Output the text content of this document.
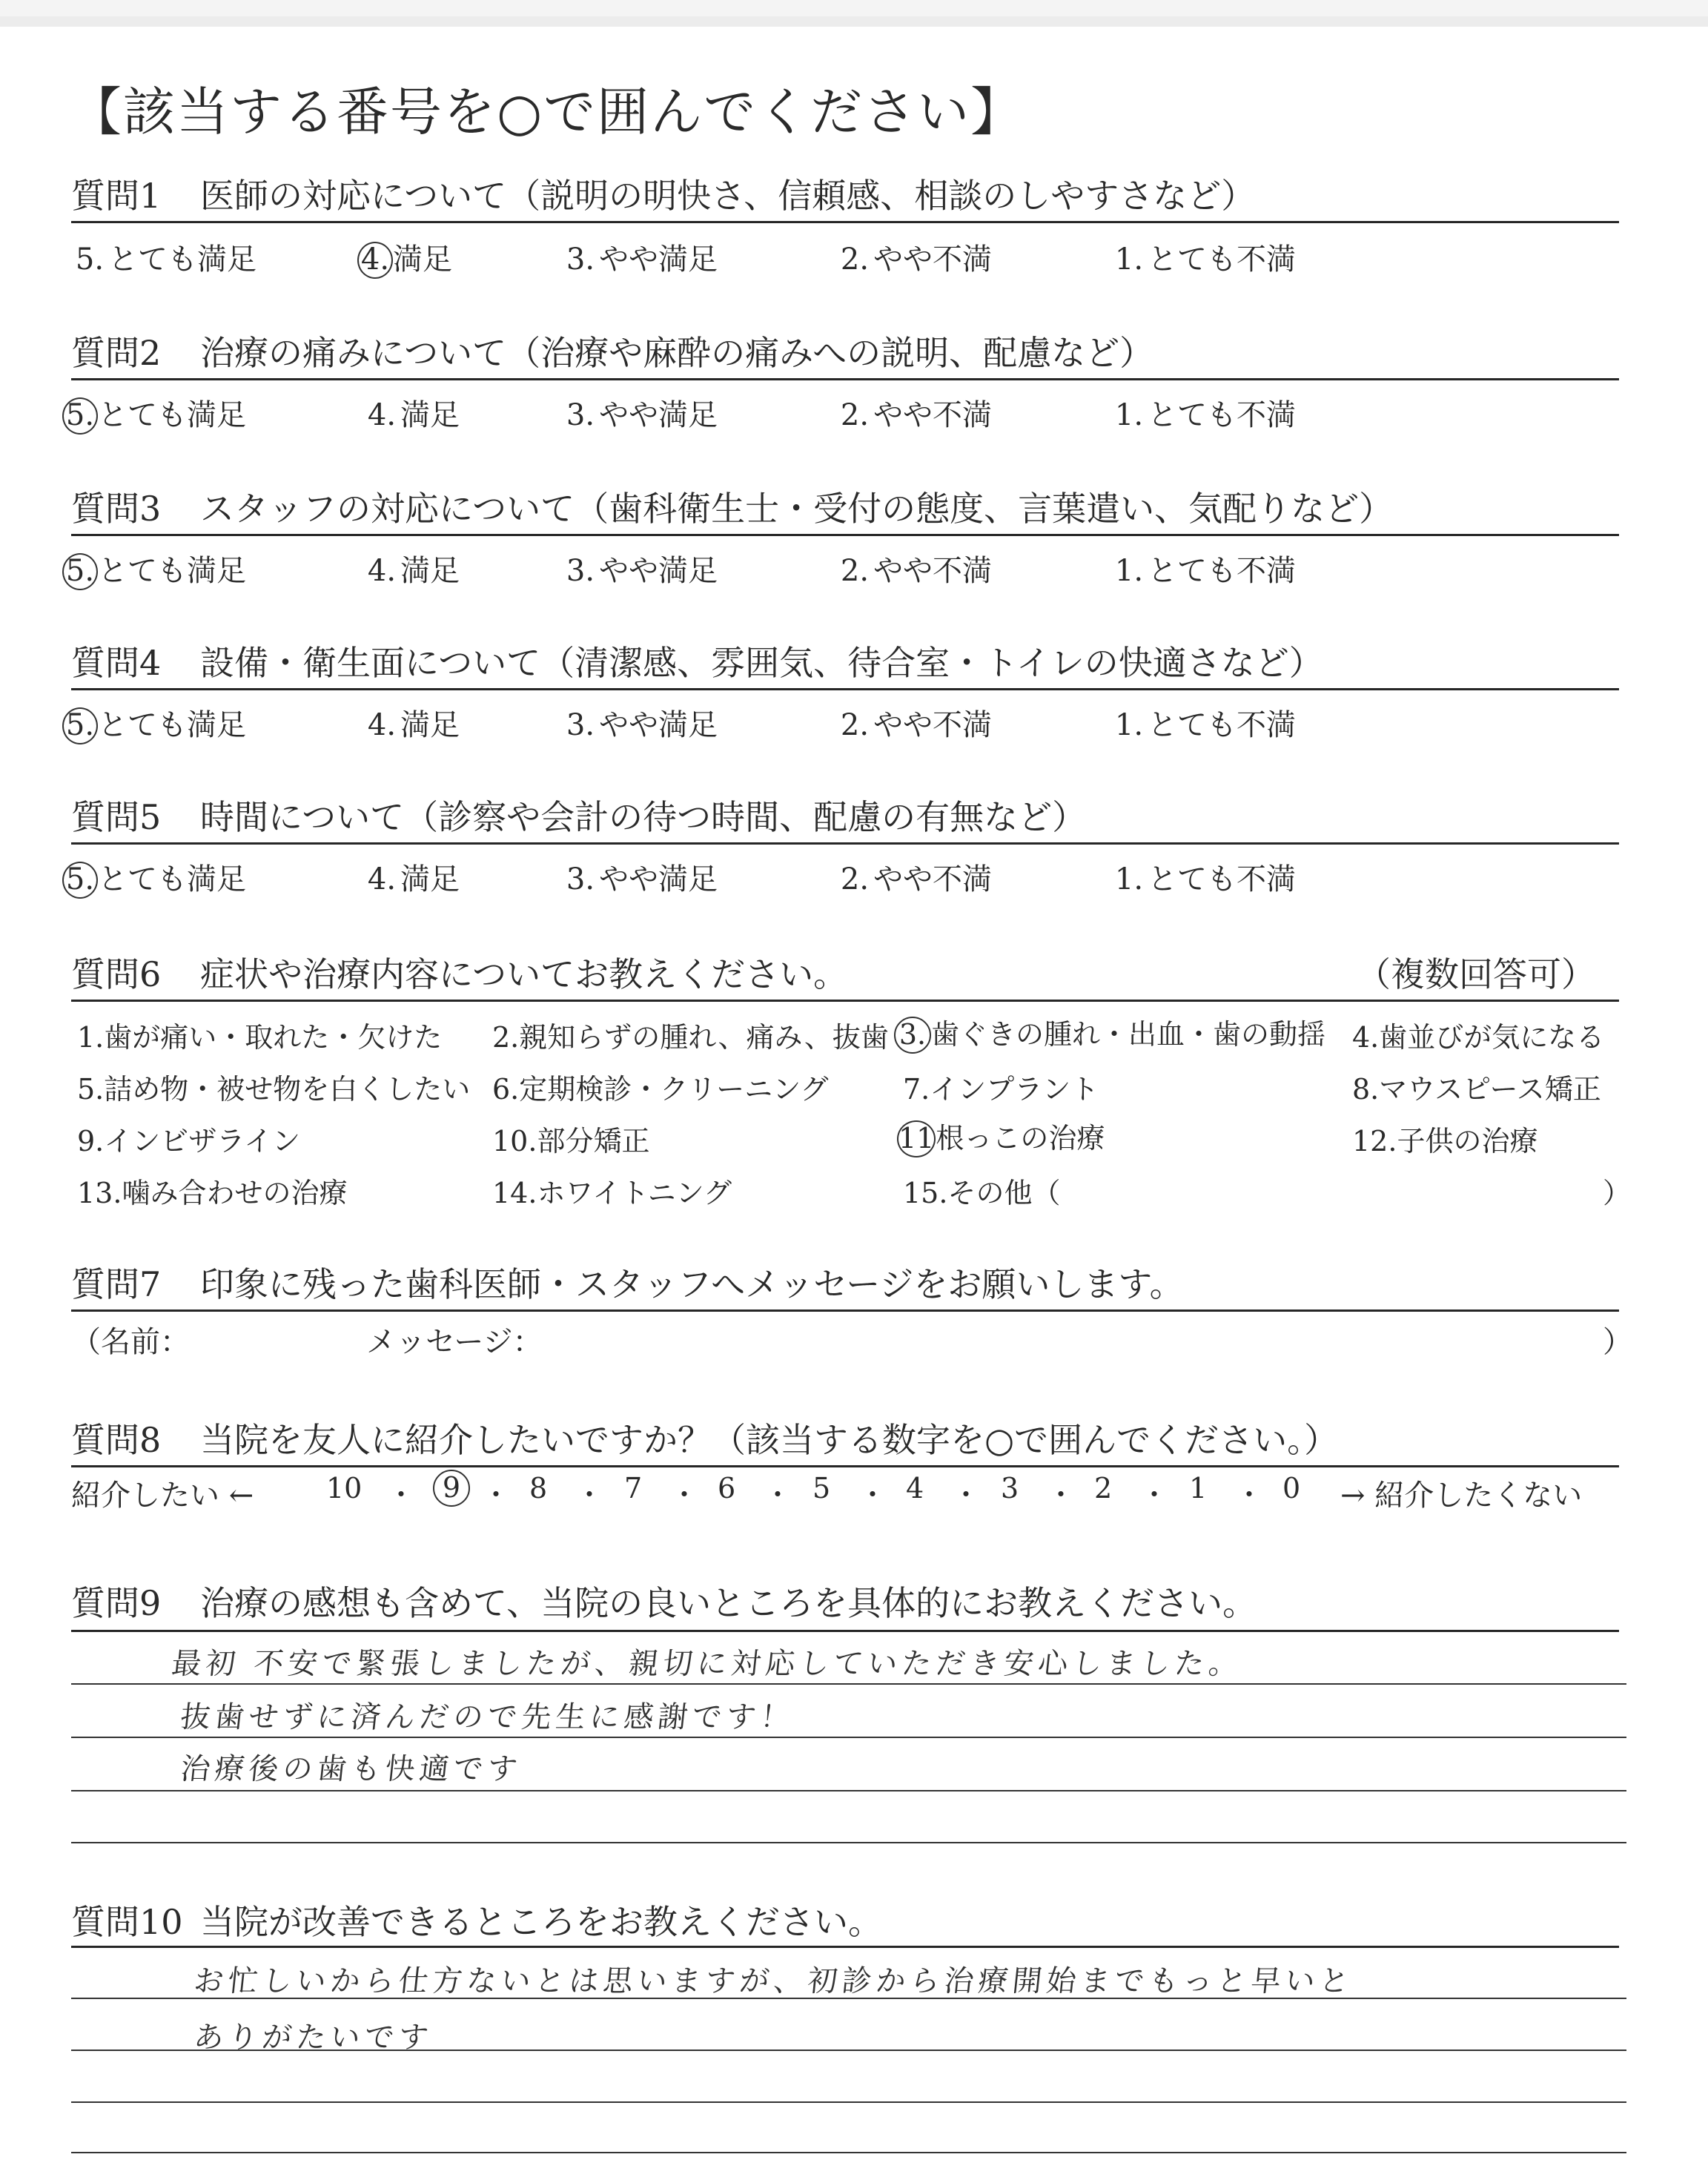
【該当する番号を○で囲んでください】
質問1 医師の対応について（説明の明快さ、信頼感、相談のしやすさなど）
5. とても満足	4. 満足	3. やや満足	2. やや不満	1. とても不満
質問2 治療の痛みについて（治療や麻酔の痛みへの説明、配慮など）
5. とても満足	4. 満足	3. やや満足	2. やや不満	1. とても不満
質問3 スタッフの対応について（歯科衛生士・受付の態度、言葉遣い、気配りなど）
5. とても満足	4. 満足	3. やや満足	2. やや不満	1. とても不満
質問4 設備・衛生面について（清潔感、雰囲気、待合室・トイレの快適さなど）
5. とても満足	4. 満足	3. やや満足	2. やや不満	1. とても不満
質問5 時間について（診察や会計の待つ時間、配慮の有無など）
5. とても満足	4. 満足	3. やや満足	2. やや不満	1. とても不満
質問6 症状や治療内容についてお教えください。	（複数回答可）
1.歯が痛い・取れた・欠けた 2.親知らずの腫れ、痛み、抜歯 3. 歯ぐきの腫れ・出血・歯の動揺 4.歯並びが気になる
5.詰め物・被せ物を白くしたい 6.定期検診・クリーニング	7.インプラント	8.マウスピース矯正
9.インビザライン	10.部分矯正	11根っこの治療	12.子供の治療
13.噛み合わせの治療	14.ホワイトニング	15.その他（	）
質問7 印象に残った歯科医師・スタッフへメッセージをお願いします。
（名前：	メッセージ：	）
質問8 当院を友人に紹介したいですか？（該当する数字を○で囲んでください。）
紹介したい ←	10 ・ 9 ・ 8 ・ 7 ・ 6 ・ 5 ・ 4 ・ 3 ・ 2 ・ 1 ・ 0 → 紹介したくない
質問9 治療の感想も含めて、当院の良いところを具体的にお教えください。
最初 不安で緊張しましたが、親切に対応していただき安心しました。
抜歯せずに済んだので先生に感謝です！
治療後の歯も快適です
質問10 当院が改善できるところをお教えください。
お忙しいから仕方ないとは思いますが、初診から治療開始までもっと早いと
ありがたいです
